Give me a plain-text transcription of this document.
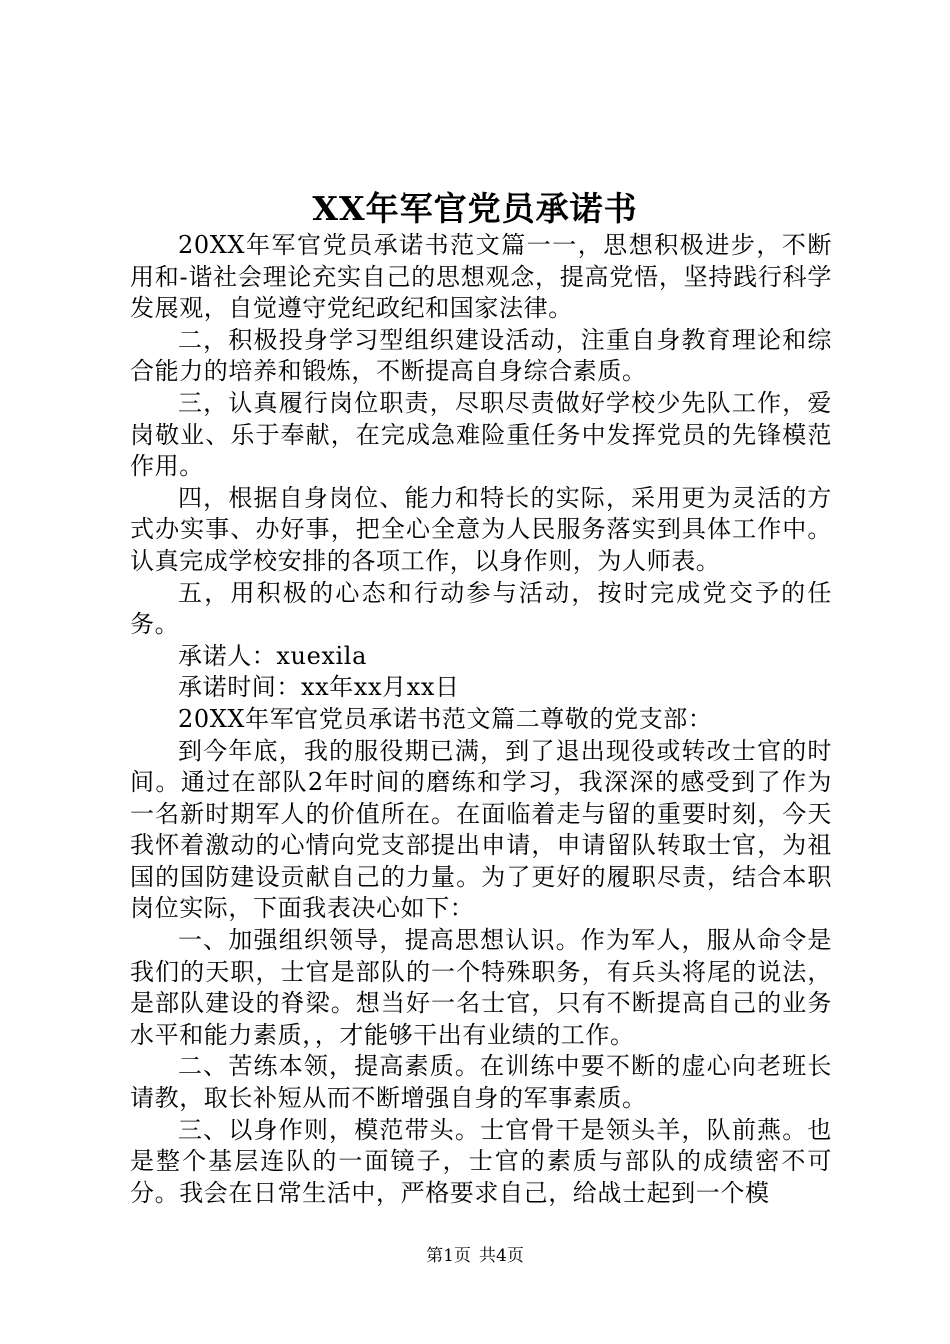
XX年军官党员承诺书

20XX年军官党员承诺书范文篇一一，思想积极进步，不断用和-谐社会理论充实自己的思想观念，提高党悟，坚持践行科学发展观，自觉遵守党纪政纪和国家法律。

二，积极投身学习型组织建设活动，注重自身教育理论和综合能力的培养和锻炼，不断提高自身综合素质。

三，认真履行岗位职责，尽职尽责做好学校少先队工作，爱岗敬业、乐于奉献，在完成急难险重任务中发挥党员的先锋模范作用。

四，根据自身岗位、能力和特长的实际，采用更为灵活的方式办实事、办好事，把全心全意为人民服务落实到具体工作中。认真完成学校安排的各项工作，以身作则，为人师表。

五，用积极的心态和行动参与活动，按时完成党交予的任务。

承诺人：xuexila

承诺时间：xx年xx月xx日

20XX年军官党员承诺书范文篇二尊敬的党支部：

到今年底，我的服役期已满，到了退出现役或转改士官的时间。通过在部队2年时间的磨练和学习，我深深的感受到了作为一名新时期军人的价值所在。在面临着走与留的重要时刻，今天我怀着激动的心情向党支部提出申请，申请留队转取士官，为祖国的国防建设贡献自己的力量。为了更好的履职尽责，结合本职岗位实际，下面我表决心如下：

一、加强组织领导，提高思想认识。作为军人，服从命令是我们的天职，士官是部队的一个特殊职务，有兵头将尾的说法，是部队建设的脊梁。想当好一名士官，只有不断提高自己的业务水平和能力素质，，才能够干出有业绩的工作。

二、苦练本领，提高素质。在训练中要不断的虚心向老班长请教，取长补短从而不断增强自身的军事素质。

三、以身作则，模范带头。士官骨干是领头羊，队前燕。也是整个基层连队的一面镜子，士官的素质与部队的成绩密不可分。我会在日常生活中，严格要求自己，给战士起到一个模

第1页 共4页
